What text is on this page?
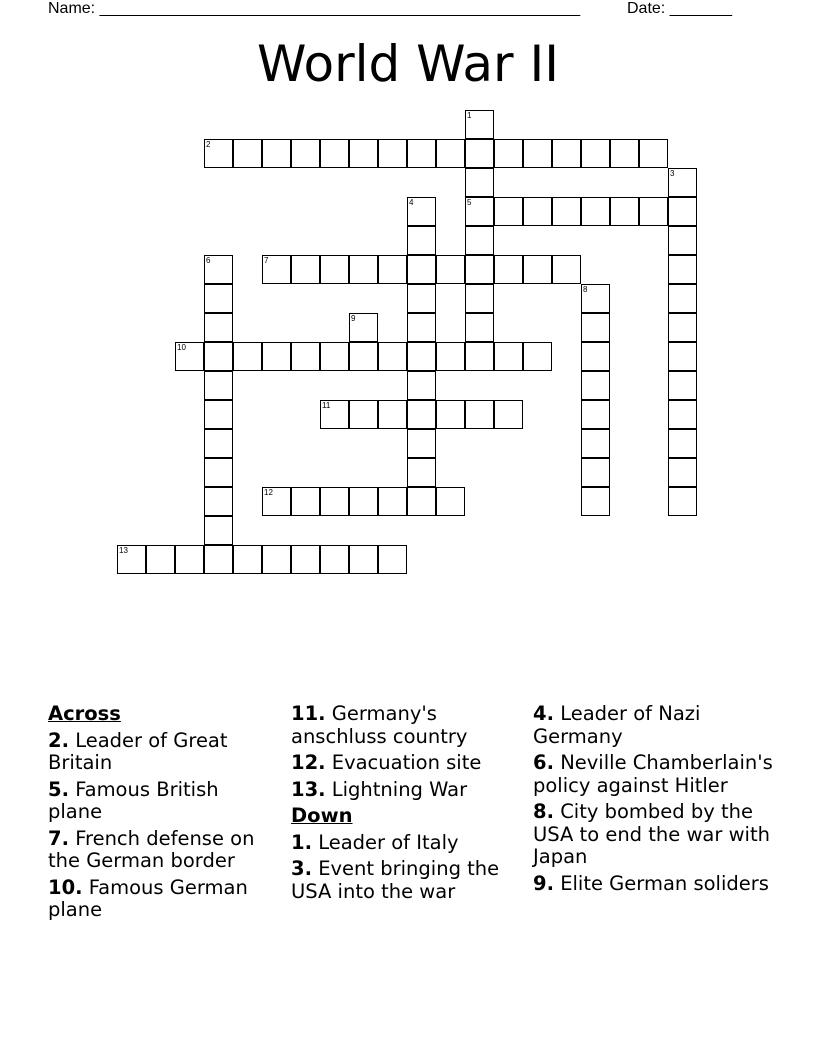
Name: ______________________________________________________	Date: _______
World War II
1
5
2
3
4
6	7
8
9
10
11
12
13
Across
2. Leader of Great Britain
5. Famous British plane
7. French defense on the German border
10. Famous German plane
11. Germany's anschluss country
12. Evacuation site
13. Lightning War
Down
1. Leader of Italy
3. Event bringing the USA into the war
4. Leader of Nazi Germany
6. Neville Chamberlain's policy against Hitler
8. City bombed by the USA to end the war with Japan
9. Elite German soliders
